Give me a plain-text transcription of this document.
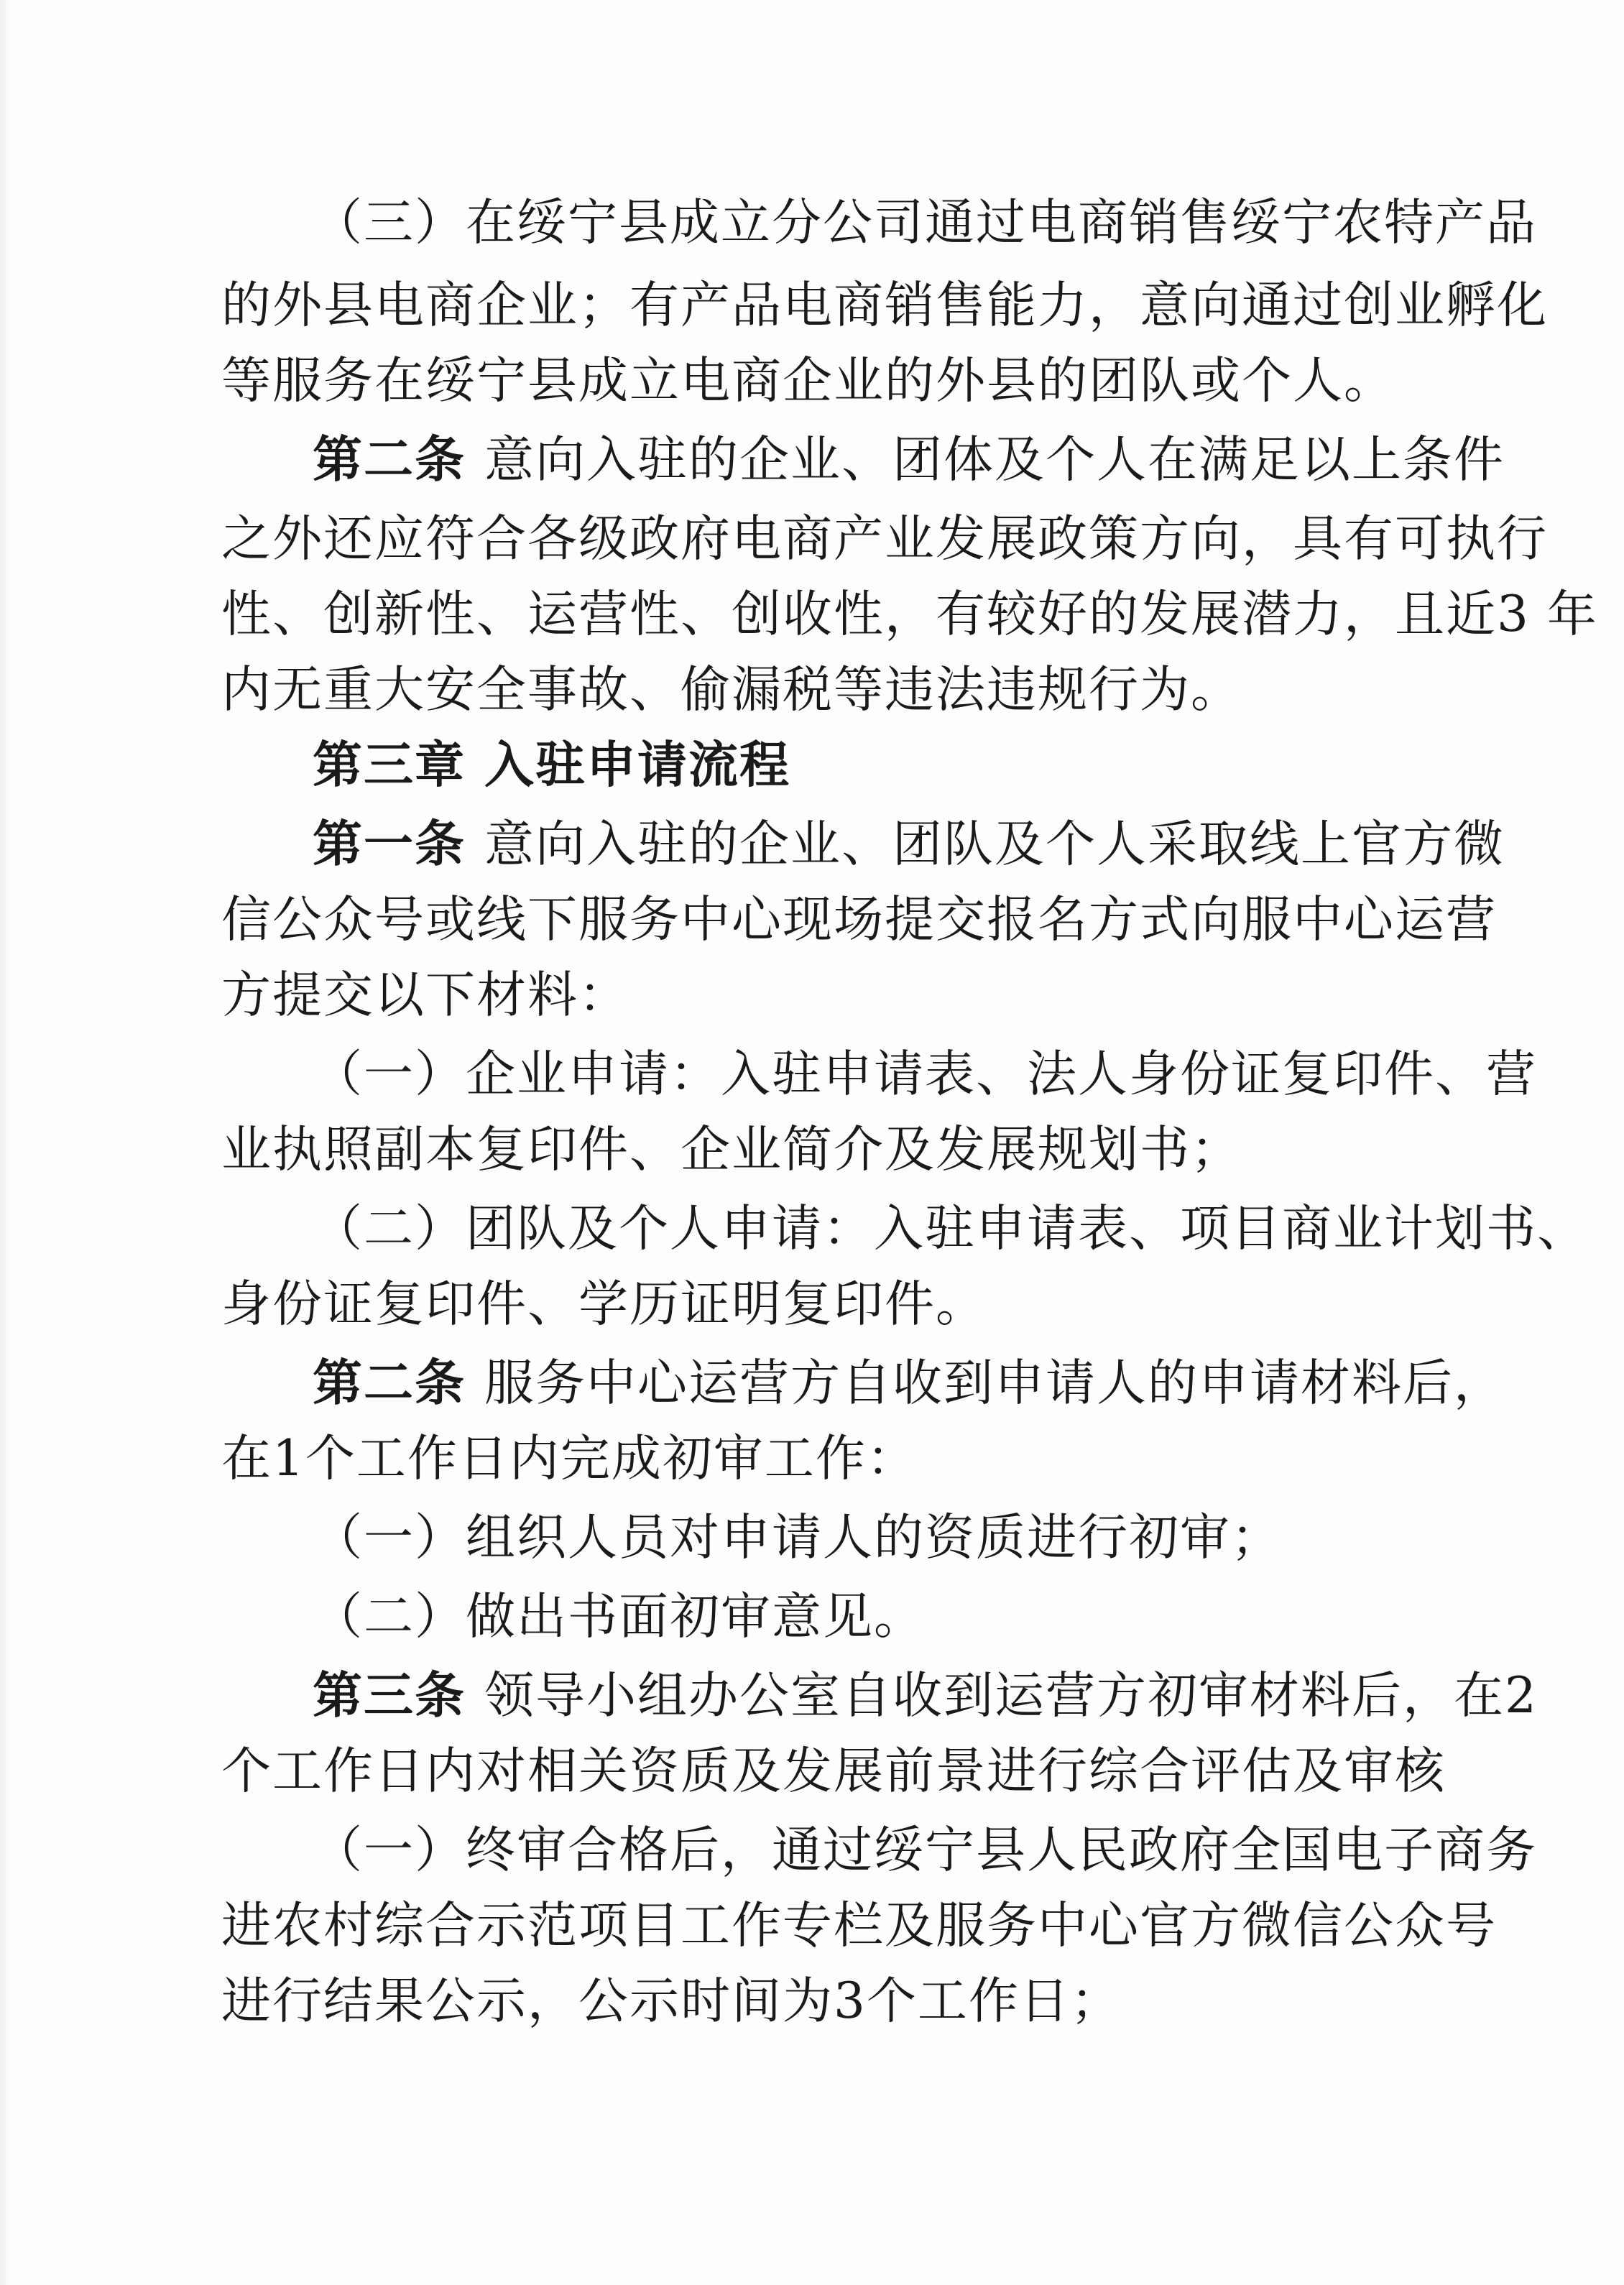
（三）在绥宁县成立分公司通过电商销售绥宁农特产品
的外县电商企业；有产品电商销售能力，意向通过创业孵化
等服务在绥宁县成立电商企业的外县的团队或个人。
第二条 意向入驻的企业、团体及个人在满足以上条件
之外还应符合各级政府电商产业发展政策方向，具有可执行
性、创新性、运营性、创收性，有较好的发展潜力，且近3 年
内无重大安全事故、偷漏税等违法违规行为。
第三章 入驻申请流程
第一条 意向入驻的企业、团队及个人采取线上官方微
信公众号或线下服务中心现场提交报名方式向服中心运营
方提交以下材料：
（一）企业申请：入驻申请表、法人身份证复印件、营
业执照副本复印件、企业简介及发展规划书；
（二）团队及个人申请：入驻申请表、项目商业计划书、
身份证复印件、学历证明复印件。
第二条 服务中心运营方自收到申请人的申请材料后，
在1个工作日内完成初审工作：
（一）组织人员对申请人的资质进行初审；
（二）做出书面初审意见。
第三条 领导小组办公室自收到运营方初审材料后，在2
个工作日内对相关资质及发展前景进行综合评估及审核
（一）终审合格后，通过绥宁县人民政府全国电子商务
进农村综合示范项目工作专栏及服务中心官方微信公众号
进行结果公示，公示时间为3个工作日；
